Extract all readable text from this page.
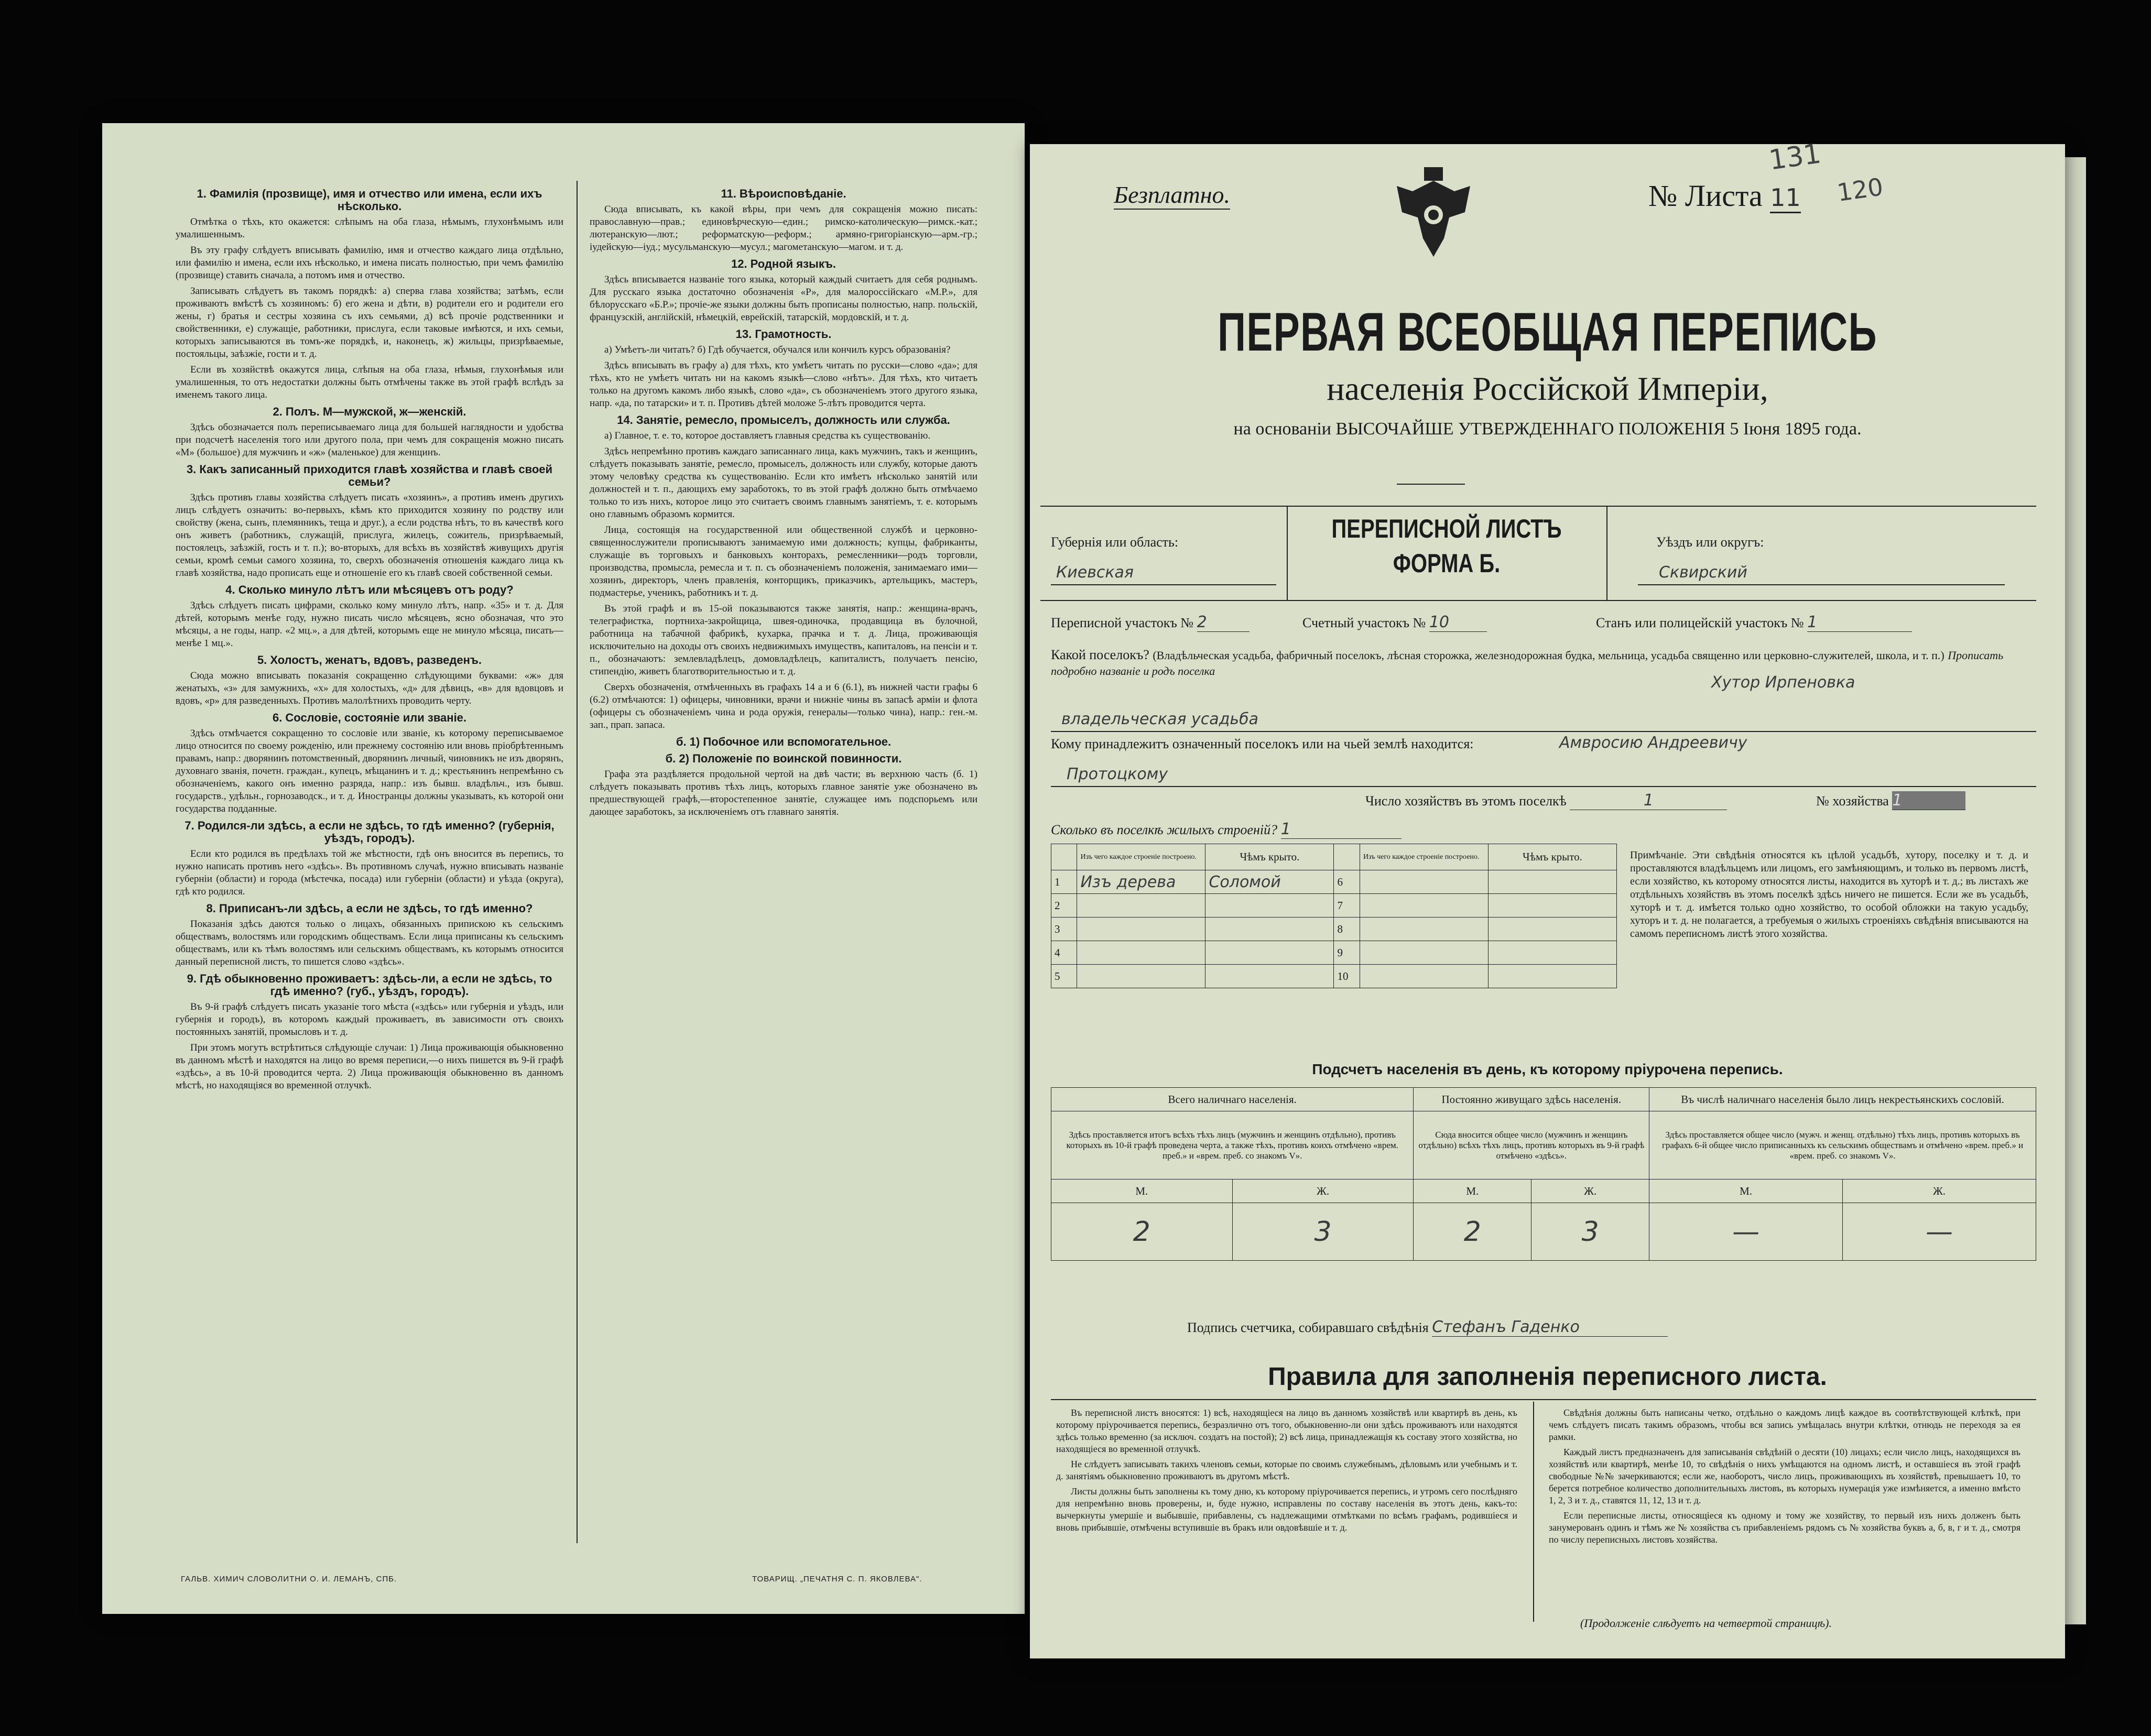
1. Фамилія (прозвище), имя и отчество или имена, если ихъ нѣсколько.

Отмѣтка о тѣхъ, кто окажется: слѣпымъ на оба глаза, нѣмымъ, глухонѣмымъ или умалишеннымъ.

Въ эту графу слѣдуетъ вписывать фамилію, имя и отчество каждаго лица отдѣльно, или фамилію и имена, если ихъ нѣсколько, и имена писать полностью, при чемъ фамилію (прозвище) ставить сначала, а потомъ имя и отчество.

Записывать слѣдуетъ въ такомъ порядкѣ: а) сперва глава хозяйства; затѣмъ, если проживаютъ вмѣстѣ съ хозяиномъ: б) его жена и дѣти, в) родители его и родители его жены, г) братья и сестры хозяина съ ихъ семьями, д) всѣ прочіе родственники и свойственники, е) служащіе, работники, прислуга, если таковые имѣются, и ихъ семьи, которыхъ записываются въ томъ-же порядкѣ, и, наконецъ, ж) жильцы, призрѣваемые, постояльцы, заѣзжіе, гости и т. д.

Если въ хозяйствѣ окажутся лица, слѣпыя на оба глаза, нѣмыя, глухонѣмыя или умалишенныя, то отъ недостатки должны быть отмѣчены также въ этой графѣ вслѣдъ за именемъ такого лица.

2. Полъ. М—мужской, ж—женскій.

Здѣсь обозначается полъ переписываемаго лица для большей наглядности и удобства при подсчетѣ населенія того или другого пола, при чемъ для сокращенія можно писать «М» (большое) для мужчинъ и «ж» (маленькое) для женщинъ.

3. Какъ записанный приходится главѣ хозяйства и главѣ своей семьи?

Здѣсь противъ главы хозяйства слѣдуетъ писать «хозяинъ», а противъ именъ другихъ лицъ слѣдуетъ означить: во-первыхъ, кѣмъ кто приходится хозяину по родству или свойству (жена, сынъ, племянникъ, теща и друг.), а если родства нѣтъ, то въ качествѣ кого онъ живетъ (работникъ, служащій, прислуга, жилецъ, сожитель, призрѣваемый, постоялецъ, заѣзжій, гость и т. п.); во-вторыхъ, для всѣхъ въ хозяйствѣ живущихъ другія семьи, кромѣ семьи самого хозяина, то, сверхъ обозначенія отношенія каждаго лица къ главѣ хозяйства, надо прописать еще и отношеніе его къ главѣ своей собственной семьи.

4. Сколько минуло лѣтъ или мѣсяцевъ отъ роду?

Здѣсь слѣдуетъ писать цифрами, сколько кому минуло лѣтъ, напр. «35» и т. д. Для дѣтей, которымъ менѣе году, нужно писать число мѣсяцевъ, ясно обозначая, что это мѣсяцы, а не годы, напр. «2 мц.», а для дѣтей, которымъ еще не минуло мѣсяца, писать—менѣе 1 мц.».

5. Холостъ, женатъ, вдовъ, разведенъ.

Сюда можно вписывать показанія сокращенно слѣдующими буквами: «ж» для женатыхъ, «з» для замужнихъ, «х» для холостыхъ, «д» для дѣвицъ, «в» для вдовцовъ и вдовъ, «р» для разведенныхъ. Противъ малолѣтнихъ проводить черту.

6. Сословіе, состояніе или званіе.

Здѣсь отмѣчается сокращенно то сословіе или званіе, къ которому переписываемое лицо относится по своему рожденію, или прежнему состоянію или вновь пріобрѣтеннымъ правамъ, напр.: дворянинъ потомственный, дворянинъ личный, чиновникъ не изъ дворянъ, духовнаго званія, почетн. граждан., купецъ, мѣщанинъ и т. д.; крестьянинъ непремѣнно съ обозначеніемъ, какого онъ именно разряда, напр.: изъ бывш. владѣльч., изъ бывш. государств., удѣльн., горнозаводск., и т. д. Иностранцы должны указывать, къ которой они государства подданные.

7. Родился-ли здѣсь, а если не здѣсь, то гдѣ именно? (губернія, уѣздъ, городъ).

Если кто родился въ предѣлахъ той же мѣстности, гдѣ онъ вносится въ перепись, то нужно написать противъ него «здѣсь». Въ противномъ случаѣ, нужно вписывать названіе губерніи (области) и города (мѣстечка, посада) или губерніи (области) и уѣзда (округа), гдѣ кто родился.

8. Приписанъ-ли здѣсь, а если не здѣсь, то гдѣ именно?

Показанія здѣсь даются только о лицахъ, обязанныхъ припискою къ сельскимъ обществамъ, волостямъ или городскимъ обществамъ. Если лица приписаны къ сельскимъ обществамъ, или къ тѣмъ волостямъ или сельскимъ обществамъ, къ которымъ относится данный переписной листъ, то пишется слово «здѣсь».

9. Гдѣ обыкновенно проживаетъ: здѣсь-ли, а если не здѣсь, то гдѣ именно? (губ., уѣздъ, городъ).

Въ 9-й графѣ слѣдуетъ писать указаніе того мѣста («здѣсь» или губернія и уѣздъ, или губернія и городъ), въ которомъ каждый проживаетъ, въ зависимости отъ своихъ постоянныхъ занятій, промысловъ и т. д.

При этомъ могутъ встрѣтиться слѣдующіе случаи: 1) Лица проживающія обыкновенно въ данномъ мѣстѣ и находятся на лицо во время переписи,—о нихъ пишется въ 9-й графѣ «здѣсь», а въ 10-й проводится черта. 2) Лица проживающія обыкновенно въ данномъ мѣстѣ, но находящіяся во временной отлучкѣ.

11. Вѣроисповѣданіе.

Сюда вписывать, къ какой вѣры, при чемъ для сокращенія можно писать: православную—прав.; единовѣрческую—един.; римско-католическую—римск.-кат.; лютеранскую—лют.; реформатскую—реформ.; армяно-григорiанскую—арм.-гр.; іудейскую—іуд.; мусульманскую—мусул.; магометанскую—магом. и т. д.

12. Родной языкъ.

Здѣсь вписывается названіе того языка, который каждый считаетъ для себя роднымъ. Для русскаго языка достаточно обозначенія «Р», для малороссійскаго «М.Р.», для бѣлорусскаго «Б.Р.»; прочіе-же языки должны быть прописаны полностью, напр. польскій, французскій, англійскій, нѣмецкій, еврейскій, татарскій, мордовскій, и т. д.

13. Грамотность.

а) Умѣетъ-ли читать? б) Гдѣ обучается, обучался или кончилъ курсъ образованія?

Здѣсь вписывать въ графу а) для тѣхъ, кто умѣетъ читать по русски—слово «да»; для тѣхъ, кто не умѣетъ читать ни на какомъ языкѣ—слово «нѣтъ». Для тѣхъ, кто читаетъ только на другомъ какомъ либо языкѣ, слово «да», съ обозначеніемъ этого другого языка, напр. «да, по татарски» и т. п. Противъ дѣтей моложе 5-лѣтъ проводится черта.

14. Занятіе, ремесло, промыселъ, должность или служба.

а) Главное, т. е. то, которое доставляетъ главныя средства къ существованію.

Здѣсь непремѣнно противъ каждаго записаннаго лица, какъ мужчинъ, такъ и женщинъ, слѣдуетъ показывать занятіе, ремесло, промыселъ, должность или службу, которые даютъ этому человѣку средства къ существованію. Если кто имѣетъ нѣсколько занятій или должностей и т. п., дающихъ ему заработокъ, то въ этой графѣ должно быть отмѣчаемо только то изъ нихъ, которое лицо это считаетъ своимъ главнымъ занятіемъ, т. е. которымъ оно главнымъ образомъ кормится.

Лица, состоящія на государственной или общественной службѣ и церковно-священнослужители прописываютъ занимаемую ими должность; купцы, фабриканты, служащіе въ торговыхъ и банковыхъ конторахъ, ремесленники—родъ торговли, производства, промысла, ремесла и т. п. съ обозначеніемъ положенія, занимаемаго ими—хозяинъ, директоръ, членъ правленія, конторщикъ, приказчикъ, артельщикъ, мастеръ, подмастерье, ученикъ, работникъ и т. д.

Въ этой графѣ и въ 15-ой показываются также занятія, напр.: женщина-врачъ, телеграфистка, портниха-закройщица, швея-одиночка, продавщица въ булочной, работница на табачной фабрикѣ, кухарка, прачка и т. д. Лица, проживающія исключительно на доходы отъ своихъ недвижимыхъ имуществъ, капиталовъ, на пенсіи и т. п., обозначаютъ: землевладѣлецъ, домовладѣлецъ, капиталистъ, получаетъ пенсію, стипендію, живетъ благотворительностью и т. д.

Сверхъ обозначенія, отмѣченныхъ въ графахъ 14 а и 6 (6.1), въ нижней части графы 6 (6.2) отмѣчаются: 1) офицеры, чиновники, врачи и нижніе чины въ запасѣ арміи и флота (офицеры съ обозначеніемъ чина и рода оружія, генералы—только чина), напр.: ген.-м. зап., прап. запаса.

б. 1) Побочное или вспомогательное.
б. 2) Положеніе по воинской повинности.

Графа эта раздѣляется продольной чертой на двѣ части; въ верхнюю часть (б. 1) слѣдуетъ показывать противъ тѣхъ лицъ, которыхъ главное занятіе уже обозначено въ предшествующей графѣ,—второстепенное занятіе, служащее имъ подспорьемъ или дающее заработокъ, за исключеніемъ отъ главнаго занятія.

ГАЛЬВ. ХИМИЧ СЛОВОЛИТНИ О. И. ЛЕМАНЪ, СПБ.	ТОВАРИЩ. „ПЕЧАТНЯ С. П. ЯКОВЛЕВА".
Безплатно.	№ Листа 11
131
120
ПЕРВАЯ ВСЕОБЩАЯ ПЕРЕПИСЬ
населенія Россійской Имперіи,
на основаніи ВЫСОЧАЙШЕ УТВЕРЖДЕННАГО ПОЛОЖЕНІЯ 5 Іюня 1895 года.
Губернія или область:
Киевская
ПЕРЕПИСНОЙ ЛИСТЪ
ФОРМА Б.
Уѣздъ или округъ:
Сквирский
Переписной участокъ № 2	Счетный участокъ № 10	Станъ или полицейскій участокъ № 1
Какой поселокъ? (Владѣльческая усадьба, фабричный поселокъ, лѣсная сторожка, железнодорожная будка, мельница, усадьба священно или церковно-служителей, школа, и т. п.) Прописать подробно названіе и родъ поселка
Хутор Ирпеновка
владельческая усадьба
Кому принадлежитъ означенный поселокъ или на чьей землѣ находится:	Амвросию Андреевичу
Протоцкому
Число хозяйствъ въ этомъ поселкѣ	1	№ хозяйства 1
Сколько въ поселкѣ жилыхъ строеній? 1
	Изъ чего каждое строеніе построено.	Чѣмъ крыто.		Изъ чего каждое строеніе построено.	Чѣмъ крыто.
1	Изъ дерева	Соломой	6		
2			7		
3			8		
4			9		
5			10		
Примѣчаніе. Эти свѣдѣнія относятся къ цѣлой усадьбѣ, хутору, поселку и т. д. и проставляются владѣльцемъ или лицомъ, его замѣняющимъ, и только въ первомъ листѣ, если хозяйство, къ которому относятся листы, находится въ хуторѣ и т. д.; въ листахъ же отдѣльныхъ хозяйствъ въ этомъ поселкѣ здѣсь ничего не пишется. Если же въ усадьбѣ, хуторѣ и т. д. имѣется только одно хозяйство, то особой обложки на такую усадьбу, хуторъ и т. д. не полагается, а требуемыя о жилыхъ строеніяхъ свѣдѣнія вписываются на самомъ переписномъ листѣ этого хозяйства.
Подсчетъ населенія въ день, къ которому пріурочена перепись.
Всего наличнаго населенія.		Постоянно живущаго здѣсь населенія.		Въ числѣ наличнаго населенія было лицъ некрестьянскихъ сословій.	
Здѣсь проставляется итогъ всѣхъ тѣхъ лицъ (мужчинъ и женщинъ отдѣльно), противъ которыхъ въ 10-й графѣ проведена черта, а также тѣхъ, противъ коихъ отмѣчено «врем. преб.» и «врем. преб. со знакомъ V».		Сюда вносится общее число (мужчинъ и женщинъ отдѣльно) всѣхъ тѣхъ лицъ, противъ которыхъ въ 9-й графѣ отмѣчено «здѣсь».		Здѣсь проставляется общее число (мужч. и женщ. отдѣльно) тѣхъ лицъ, противъ которыхъ въ графахъ 6-й общее число приписанныхъ къ сельскимъ обществамъ и отмѣчено «врем. преб.» и «врем. преб. со знакомъ V».	
М.	Ж.	М.	Ж.	М.	Ж.
2	3	2	3	—	—
Подпись счетчика, собиравшаго свѣдѣнія Стефанъ Гаденко
Правила для заполненія переписного листа.

Въ переписной листъ вносятся: 1) всѣ, находящіеся на лицо въ данномъ хозяйствѣ или квартирѣ въ день, къ которому пріурочивается перепись, безразлично отъ того, обыкновенно-ли они здѣсь проживаютъ или находятся здѣсь только временно (за исключ. создатъ на постой); 2) всѣ лица, принадлежащія къ составу этого хозяйства, но находящіеся во временной отлучкѣ.

Не слѣдуетъ записывать такихъ членовъ семьи, которые по своимъ служебнымъ, дѣловымъ или учебнымъ и т. д. занятіямъ обыкновенно проживаютъ въ другомъ мѣстѣ.

Листы должны быть заполнены къ тому дню, къ которому пріурочивается перепись, и утромъ сего послѣдняго для непремѣнно вновь проверены, и, буде нужно, исправлены по составу населенія въ этотъ день, какъ-то: вычеркнуты умершіе и выбывшіе, прибавлены, съ надлежащими отмѣтками по всѣмъ графамъ, родившіеся и вновь прибывшіе, отмѣчены вступившіе въ бракъ или овдовѣвшіе и т. д.

Свѣдѣнія должны быть написаны четко, отдѣльно о каждомъ лицѣ каждое въ соотвѣтствующей клѣткѣ, при чемъ слѣдуетъ писать такимъ образомъ, чтобы вся запись умѣщалась внутри клѣтки, отнюдь не переходя за ея рамки.

Каждый листъ предназначенъ для записыванія свѣдѣній о десяти (10) лицахъ; если число лицъ, находящихся въ хозяйствѣ или квартирѣ, менѣе 10, то свѣдѣнія о нихъ умѣщаются на одномъ листѣ, и оставшіеся въ этой графѣ свободные №№ зачеркиваются; если же, наоборотъ, число лицъ, проживающихъ въ хозяйствѣ, превышаетъ 10, то берется потребное количество дополнительныхъ листовъ, въ которыхъ нумерація уже измѣняется, а именно вмѣсто 1, 2, 3 и т. д., ставятся 11, 12, 13 и т. д.

Если переписные листы, относящіеся къ одному и тому же хозяйству, то первый изъ нихъ долженъ быть занумерованъ одинъ и тѣмъ же № хозяйства съ прибавленіемъ рядомъ съ № хозяйства буквъ а, б, в, г и т. д., смотря по числу переписныхъ листовъ хозяйства.

(Продолженіе слѣдуетъ на четвертой страницѣ).
